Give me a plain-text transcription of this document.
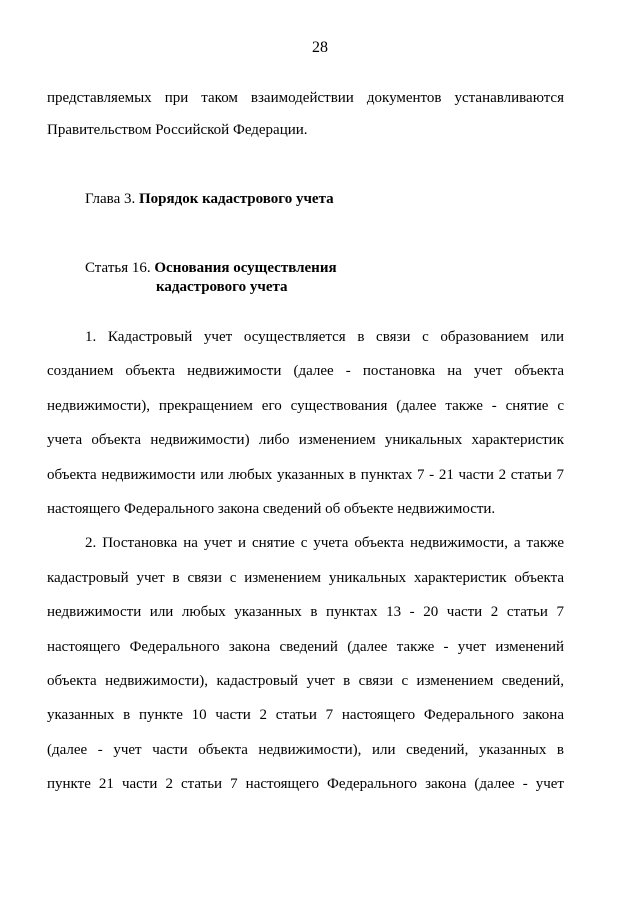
28
представляемых при таком взаимодействии документов устанавливаются
Правительством Российской Федерации.
Глава 3. Порядок кадастрового учета
Статья 16. Основания осуществления
кадастрового учета
1. Кадастровый учет осуществляется в связи с образованием или
созданием объекта недвижимости (далее - постановка на учет объекта
недвижимости), прекращением его существования (далее также - снятие с
учета объекта недвижимости) либо изменением уникальных характеристик
объекта недвижимости или любых указанных в пунктах 7 - 21 части 2 статьи 7
настоящего Федерального закона сведений об объекте недвижимости.
2. Постановка на учет и снятие с учета объекта недвижимости, а также
кадастровый учет в связи с изменением уникальных характеристик объекта
недвижимости или любых указанных в пунктах 13 - 20 части 2 статьи 7
настоящего Федерального закона сведений (далее также - учет изменений
объекта недвижимости), кадастровый учет в связи с изменением сведений,
указанных в пункте 10 части 2 статьи 7 настоящего Федерального закона
(далее - учет части объекта недвижимости), или сведений, указанных в
пункте 21 части 2 статьи 7 настоящего Федерального закона (далее - учет
